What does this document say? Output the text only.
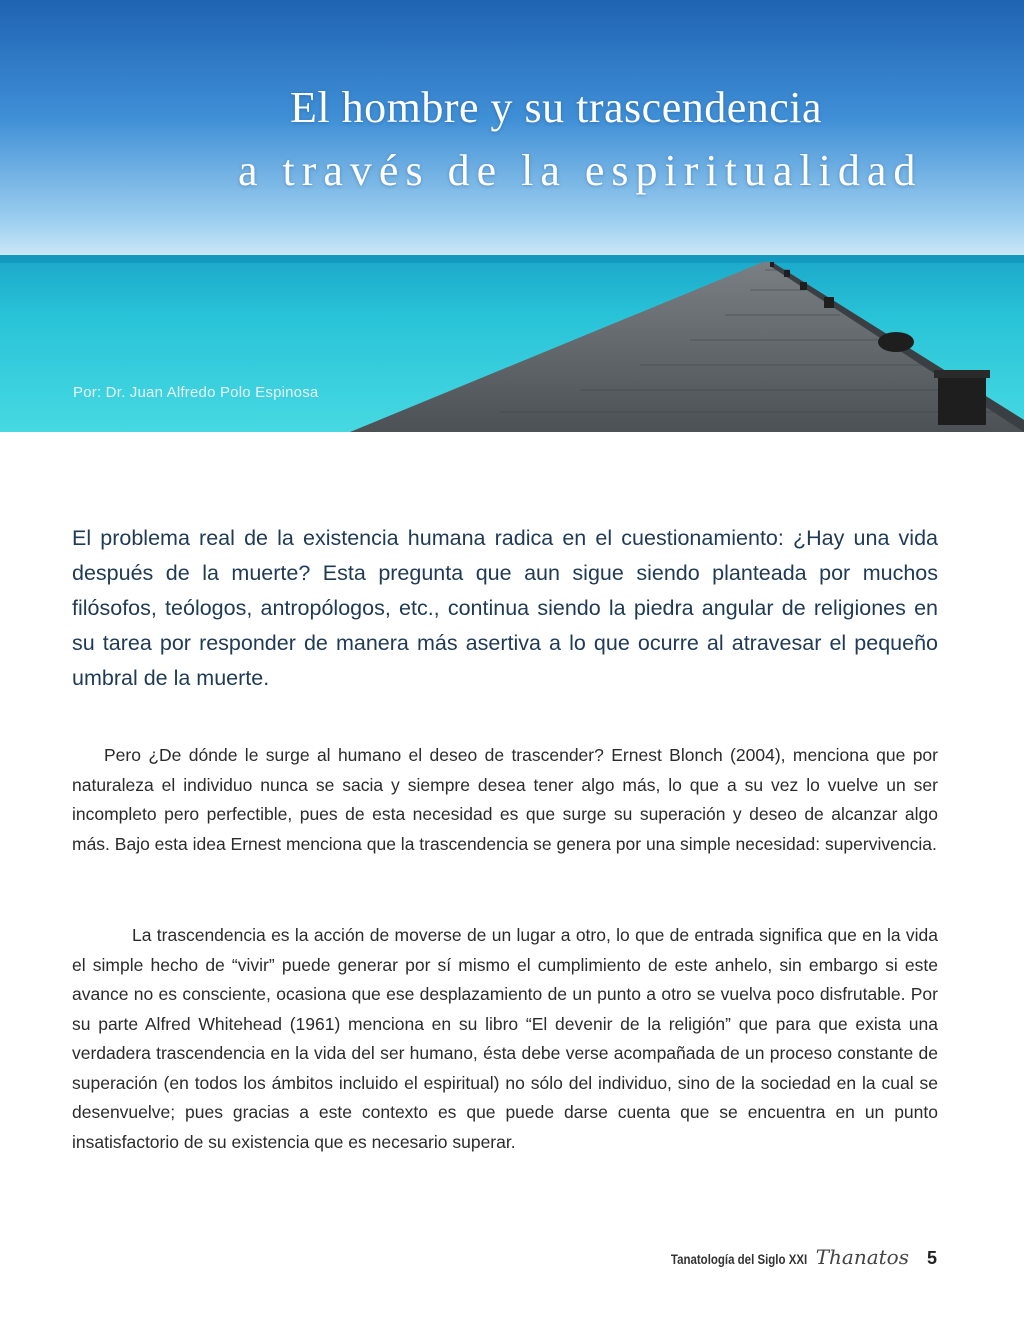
El hombre y su trascendencia
a través de la espiritualidad

Por: Dr. Juan Alfredo Polo Espinosa

El problema real de la existencia humana radica en el cuestionamiento: ¿Hay una vida después de la muerte? Esta pregunta que aun sigue siendo planteada por muchos filósofos, teólogos, antropólogos, etc., continua siendo la piedra angular de religiones en su tarea por responder de manera más asertiva a lo que ocurre al atravesar el pequeño umbral de la muerte.

Pero ¿De dónde le surge al humano el deseo de trascender? Ernest Blonch (2004), menciona que por naturaleza el individuo nunca se sacia y siempre desea tener algo más, lo que a su vez lo vuelve un ser incompleto pero perfectible, pues de esta necesidad es que surge su superación y deseo de alcanzar algo más. Bajo esta idea Ernest menciona que la trascendencia se genera por una simple necesidad: supervivencia.

La trascendencia es la acción de moverse de un lugar a otro, lo que de entrada significa que en la vida el simple hecho de “vivir” puede generar por sí mismo el cumplimiento de este anhelo, sin embargo si este avance no es consciente, ocasiona que ese desplazamiento de un punto a otro se vuelva poco disfrutable. Por su parte Alfred Whitehead (1961) menciona en su libro “El devenir de la religión” que para que exista una verdadera trascendencia en la vida del ser humano, ésta debe verse acompañada de un proceso constante de superación (en todos los ámbitos incluido el espiritual) no sólo del individuo, sino de la sociedad en la cual se desenvuelve; pues gracias a este contexto es que puede darse cuenta que se encuentra en un punto insatisfactorio de su existencia que es necesario superar.

Tanatología del Siglo XXI Thanatos 5
